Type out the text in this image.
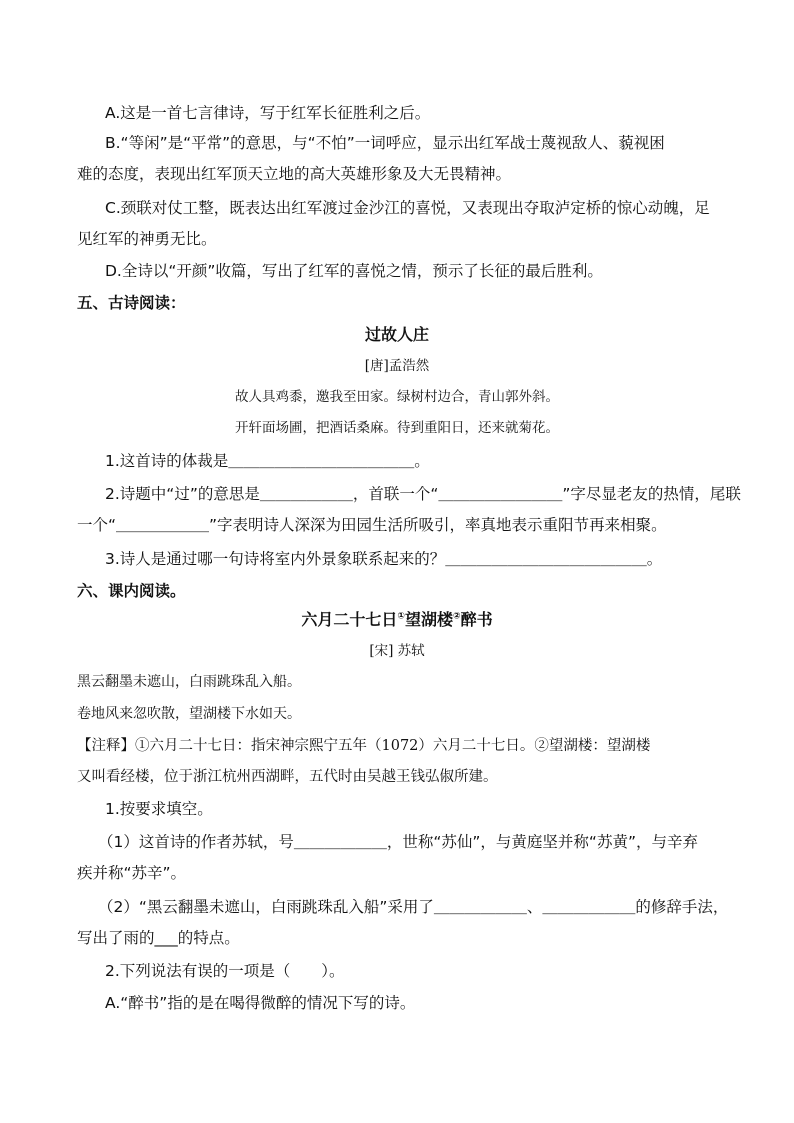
A.这是一首七言律诗，写于红军长征胜利之后。
B.“等闲”是“平常”的意思，与“不怕”一词呼应，显示出红军战士蔑视敌人、藐视困
难的态度，表现出红军顶天立地的高大英雄形象及大无畏精神。
C.颈联对仗工整，既表达出红军渡过金沙江的喜悦，又表现出夺取泸定桥的惊心动魄，足
见红军的神勇无比。
D.全诗以“开颜”收篇，写出了红军的喜悦之情，预示了长征的最后胜利。
五、古诗阅读：
过故人庄
[唐]孟浩然
故人具鸡黍，邀我至田家。绿树村边合，青山郭外斜。
开轩面场圃，把酒话桑麻。待到重阳日，还来就菊花。
1.这首诗的体裁是＿＿＿＿＿＿＿＿＿＿＿＿。
2.诗题中“过”的意思是＿＿＿＿＿＿，首联一个“＿＿＿＿＿＿＿＿”字尽显老友的热情，尾联
一个“＿＿＿＿＿＿”字表明诗人深深为田园生活所吸引，率真地表示重阳节再来相聚。
3.诗人是通过哪一句诗将室内外景象联系起来的？＿＿＿＿＿＿＿＿＿＿＿＿＿。
六、课内阅读。
六月二十七日①望湖楼②醉书
[宋] 苏轼
黑云翻墨未遮山，白雨跳珠乱入船。
卷地风来忽吹散，望湖楼下水如天。
【注释】①六月二十七日：指宋神宗熙宁五年（1072）六月二十七日。②望湖楼：望湖楼
又叫看经楼，位于浙江杭州西湖畔，五代时由吴越王钱弘俶所建。
1.按要求填空。
（1）这首诗的作者苏轼，号＿＿＿＿＿＿，世称“苏仙”，与黄庭坚并称“苏黄”，与辛弃
疾并称“苏辛”。
（2）“黑云翻墨未遮山，白雨跳珠乱入船”采用了＿＿＿＿＿＿、＿＿＿＿＿＿的修辞手法，
写出了雨的___的特点。
2.下列说法有误的一项是（　　）。
A.“醉书”指的是在喝得微醉的情况下写的诗。
